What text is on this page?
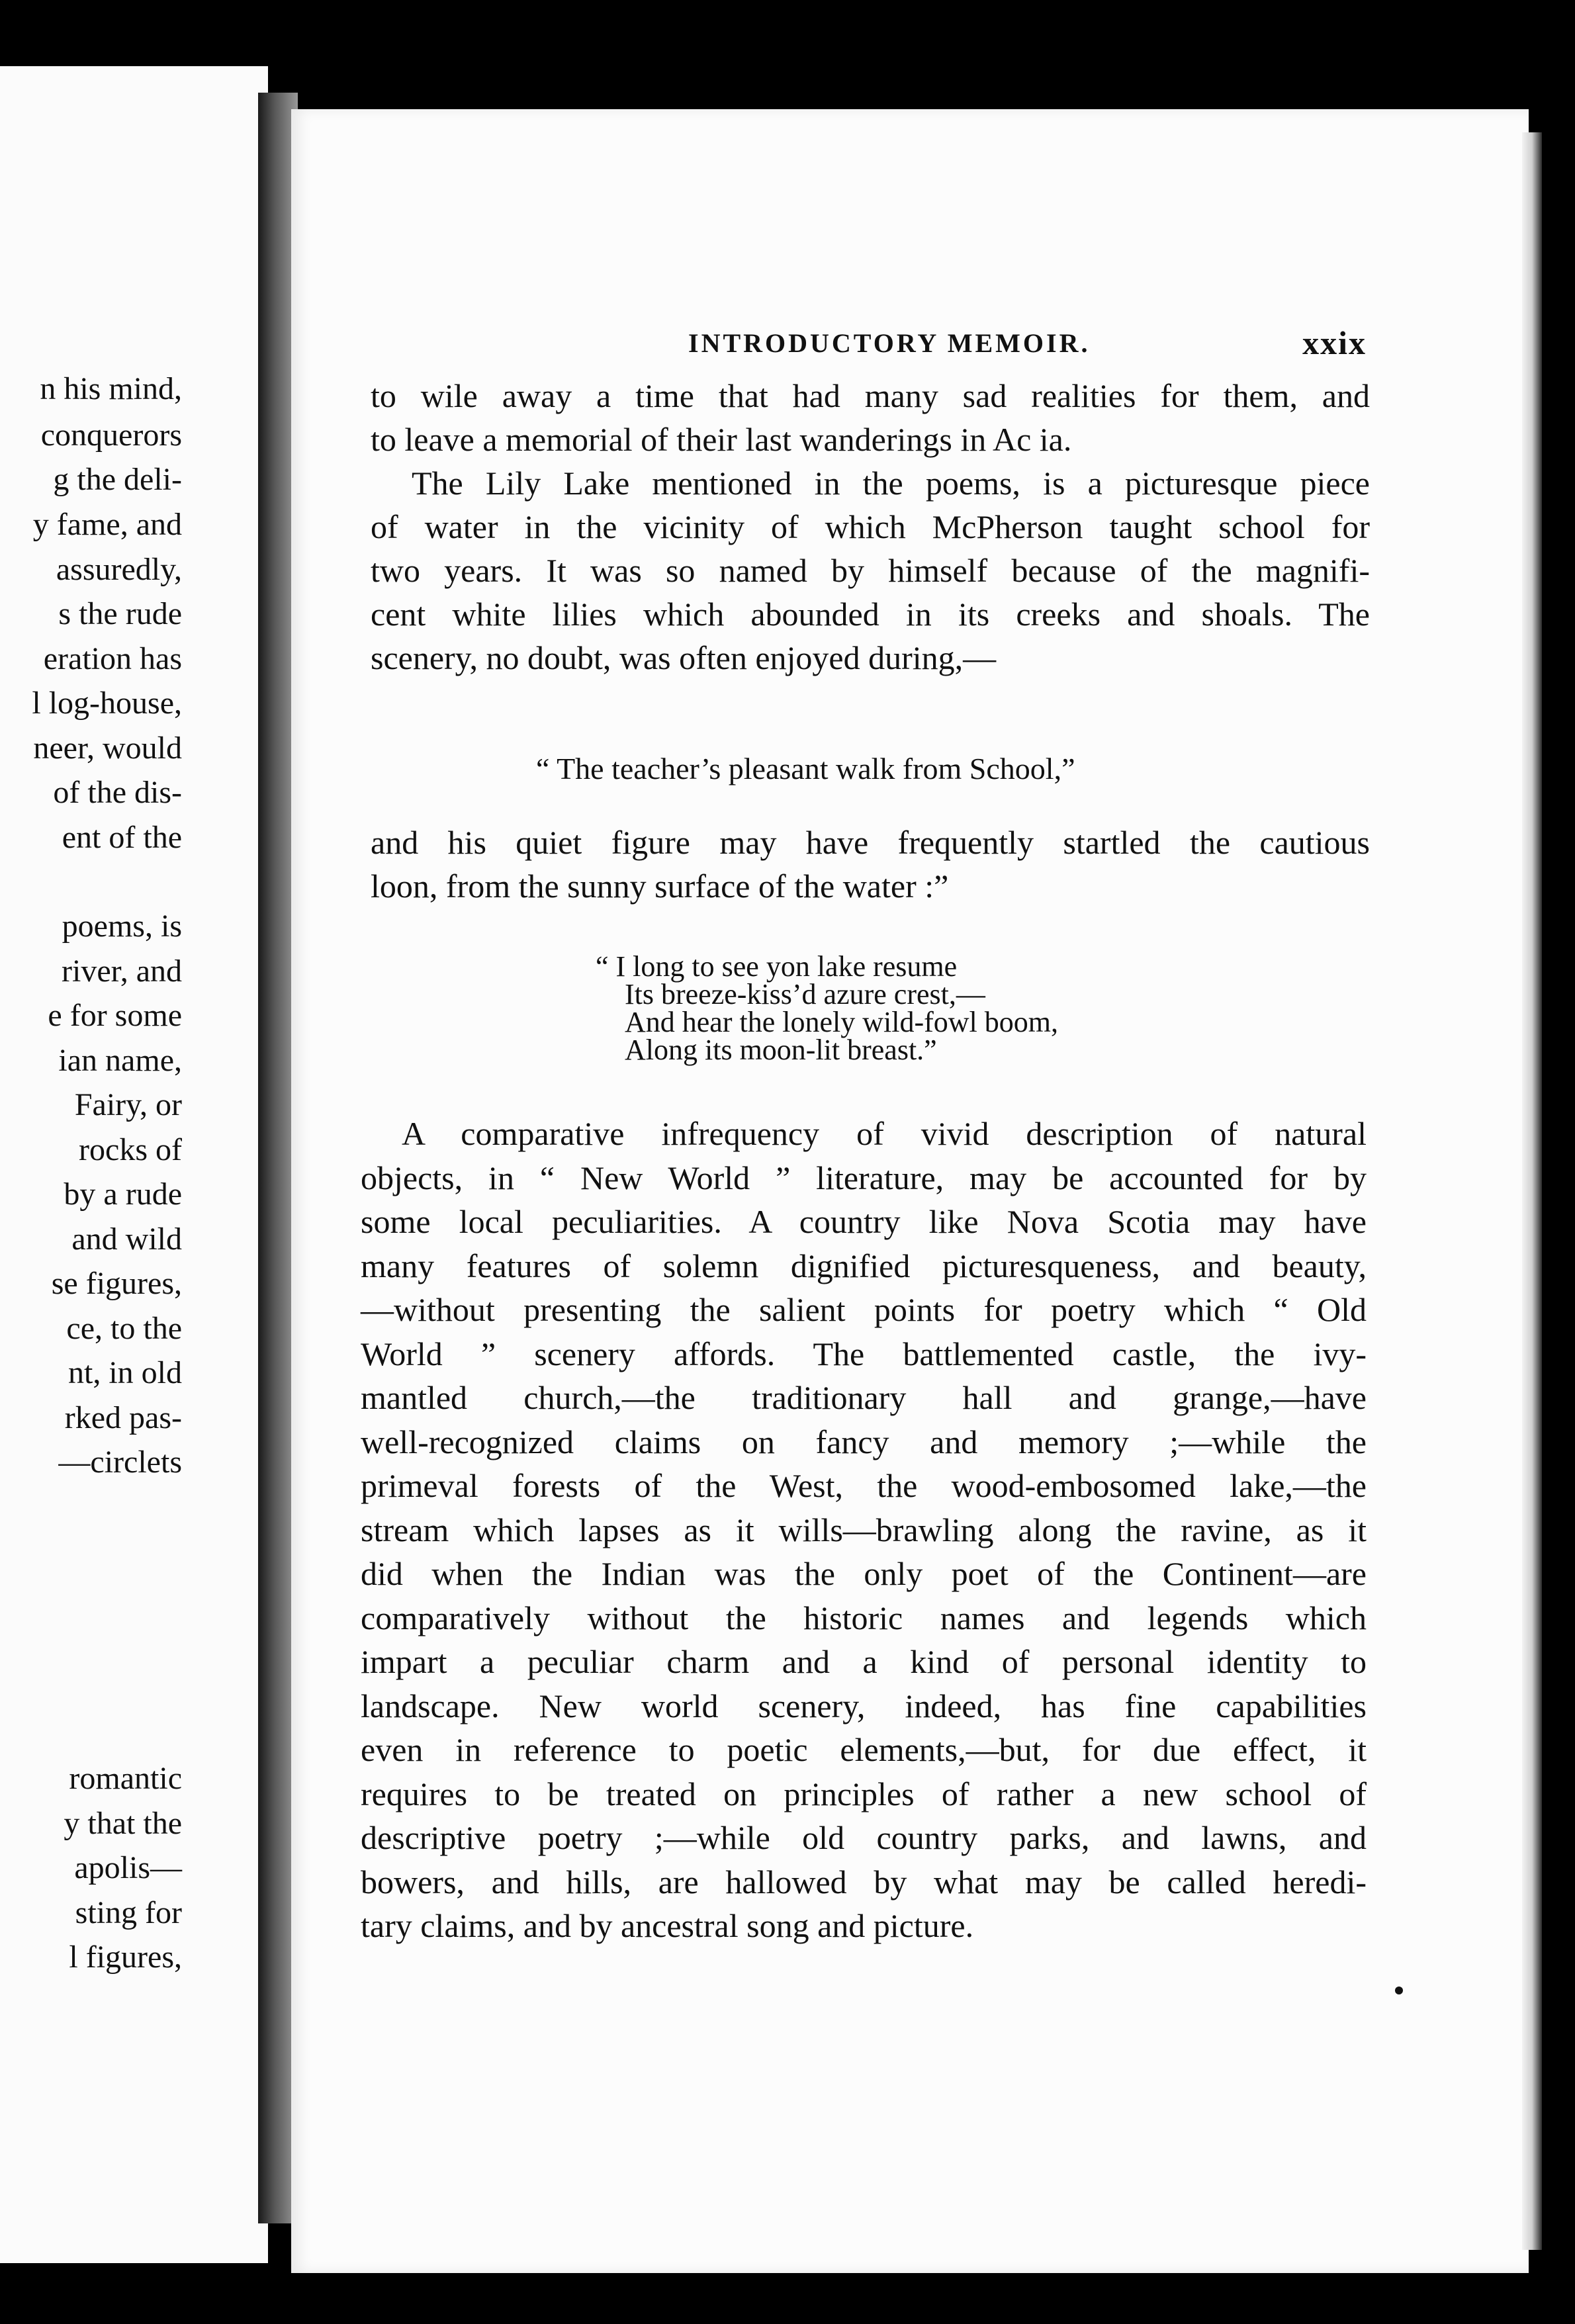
n his mind,
conquerors
g the deli-
y fame, and
assuredly,
s the rude
eration has
l log-house,
neer, would
of the dis-
ent of the
poems, is
river, and
e for some
ian name,
Fairy, or
rocks of
by a rude
and wild
se figures,
ce, to the
nt, in old
rked pas-
—circlets
romantic
y that the
apolis—
sting for
l figures,
INTRODUCTORY MEMOIR.	xxix
to wile away a time that had many sad realities for them, and
to leave a memorial of their last wanderings in Ac ia.
The Lily Lake mentioned in the poems, is a picturesque piece
of water in the vicinity of which McPherson taught school for
two years. It was so named by himself because of the magnifi-
cent white lilies which abounded in its creeks and shoals. The
scenery, no doubt, was often enjoyed during,—
“ The teacher’s pleasant walk from School,”
and his quiet figure may have frequently startled the cautious
loon, from the sunny surface of the water :”
“ I long to see yon lake resume
Its breeze-kiss’d azure crest,—
And hear the lonely wild-fowl boom,
Along its moon-lit breast.”
A comparative infrequency of vivid description of natural
objects, in “ New World ” literature, may be accounted for by
some local peculiarities. A country like Nova Scotia may have
many features of solemn dignified picturesqueness, and beauty,
—without presenting the salient points for poetry which “ Old
World ” scenery affords. The battlemented castle, the ivy-
mantled church,—the traditionary hall and grange,—have
well-recognized claims on fancy and memory ;—while the
primeval forests of the West, the wood-embosomed lake,—the
stream which lapses as it wills—brawling along the ravine, as it
did when the Indian was the only poet of the Continent—are
comparatively without the historic names and legends which
impart a peculiar charm and a kind of personal identity to
landscape. New world scenery, indeed, has fine capabilities
even in reference to poetic elements,—but, for due effect, it
requires to be treated on principles of rather a new school of
descriptive poetry ;—while old country parks, and lawns, and
bowers, and hills, are hallowed by what may be called heredi-
tary claims, and by ancestral song and picture.
